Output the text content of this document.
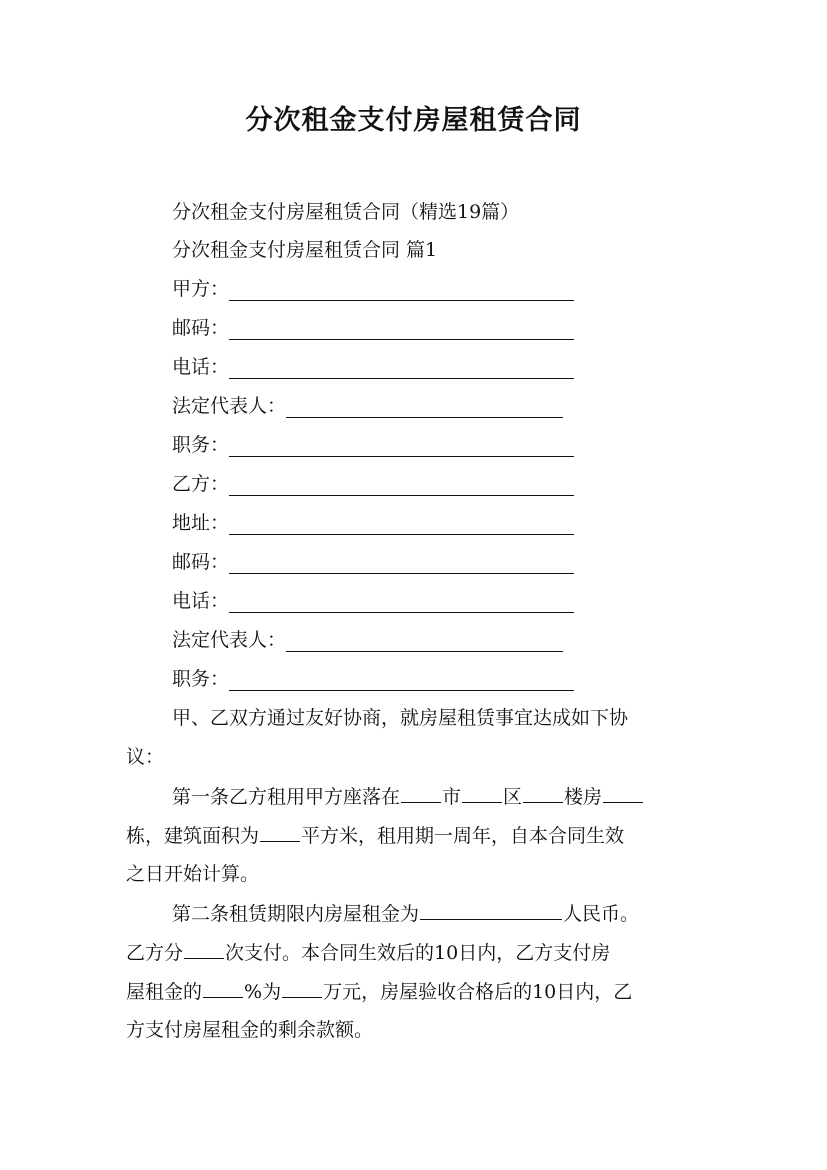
分次租金支付房屋租赁合同
分次租金支付房屋租赁合同（精选19篇）
分次租金支付房屋租赁合同 篇1
甲方：
邮码：
电话：
法定代表人：
职务：
乙方：
地址：
邮码：
电话：
法定代表人：
职务：
甲、乙双方通过友好协商，就房屋租赁事宜达成如下协
议：
第一条乙方租用甲方座落在 市 区 楼房
栋，建筑面积为 平方米，租用期一周年，自本合同生效
之日开始计算。
第二条租赁期限内房屋租金为	人民币。
乙方分 次支付。本合同生效后的10日内，乙方支付房
屋租金的 %为 万元，房屋验收合格后的10日内，乙
方支付房屋租金的剩余款额。
